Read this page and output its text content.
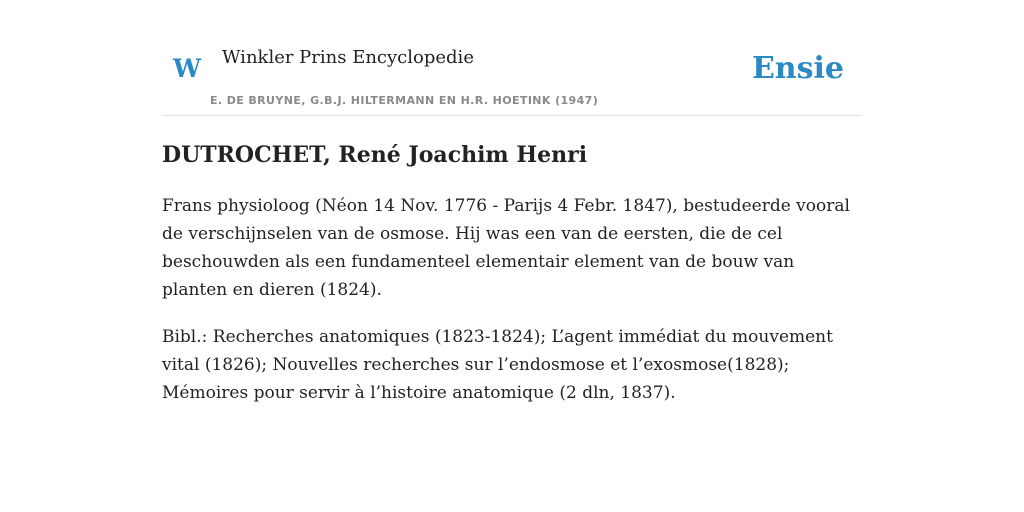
W Winkler Prins Encyclopedie
E. DE BRUYNE, G.B.J. HILTERMANN EN H.R. HOETINK (1947)
Ensie
DUTROCHET, René Joachim Henri

Frans physioloog (Néon 14 Nov. 1776 - Parijs 4 Febr. 1847), bestudeerde vooral de verschijnselen van de osmose. Hij was een van de eersten, die de cel beschouwden als een fundamenteel elementair element van de bouw van planten en dieren (1824).

Bibl.: Recherches anatomiques (1823-1824); L’agent immédiat du mouvement vital (1826); Nouvelles recherches sur l’endosmose et l’exosmose(1828); Mémoires pour servir à l’histoire anatomique (2 dln, 1837).
